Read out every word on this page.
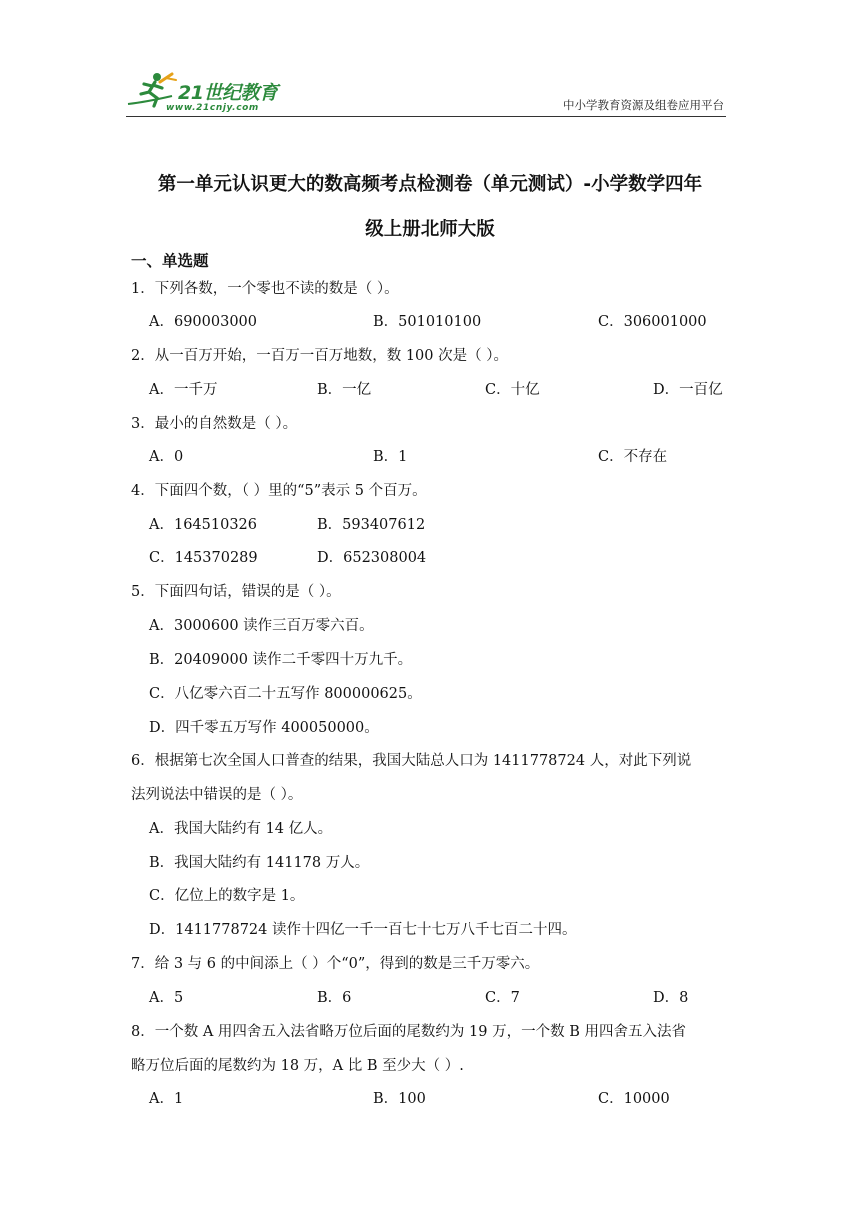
21世纪教育
www.21cnjy.com	中小学教育资源及组卷应用平台
第一单元认识更大的数高频考点检测卷（单元测试）-小学数学四年
级上册北师大版
一、单选题
1．下列各数，一个零也不读的数是（ ）。
A．690003000	B．501010100	C．306001000
2．从一百万开始，一百万一百万地数，数 100 次是（ ）。
A．一千万	B．一亿	C．十亿	D．一百亿
3．最小的自然数是（ ）。
A．0	B．1	C．不存在
4．下面四个数，（ ）里的“5”表示 5 个百万。
A．164510326	B．593407612
C．145370289	D．652308004
5．下面四句话，错误的是（ ）。
A．3000600 读作三百万零六百。
B．20409000 读作二千零四十万九千。
C．八亿零六百二十五写作 800000625。
D．四千零五万写作 400050000。
6．根据第七次全国人口普查的结果，我国大陆总人口为 1411778724 人，对此下列说
法列说法中错误的是（ ）。
A．我国大陆约有 14 亿人。
B．我国大陆约有 141178 万人。
C．亿位上的数字是 1。
D．1411778724 读作十四亿一千一百七十七万八千七百二十四。
7．给 3 与 6 的中间添上（ ）个“0”，得到的数是三千万零六。
A．5	B．6	C．7	D．8
8．一个数 A 用四舍五入法省略万位后面的尾数约为 19 万，一个数 B 用四舍五入法省
略万位后面的尾数约为 18 万，A 比 B 至少大（ ）.
A．1	B．100	C．10000
